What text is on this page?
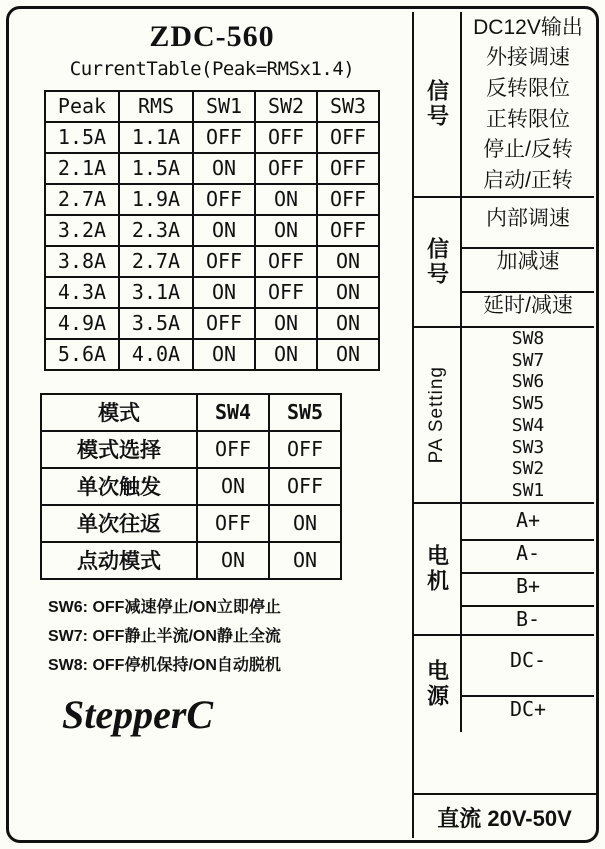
ZDC-560
CurrentTable(Peak=RMSx1.4)
Peak	RMS	SW1	SW2	SW3
1.5A	1.1A	OFF	OFF	OFF
2.1A	1.5A	ON	OFF	OFF
2.7A	1.9A	OFF	ON	OFF
3.2A	2.3A	ON	ON	OFF
3.8A	2.7A	OFF	OFF	ON
4.3A	3.1A	ON	OFF	ON
4.9A	3.5A	OFF	ON	ON
5.6A	4.0A	ON	ON	ON
模式	SW4	SW5
模式选择	OFF	OFF
单次触发	ON	OFF
单次往返	OFF	ON
点动模式	ON	ON
SW6: OFF减速停止/ON立即停止
SW7: OFF静止半流/ON静止全流
SW8: OFF停机保持/ON自动脱机
StepperC
信号
DC12V输出
外接调速
反转限位
正转限位
停止/反转
启动/正转
信号
内部调速
加减速
延时/减速
PA Setting
SW8
SW7
SW6
SW5
SW4
SW3
SW2
SW1
电机
A+
A-
B+
B-
电源	DC-
DC+
直流 20V-50V
